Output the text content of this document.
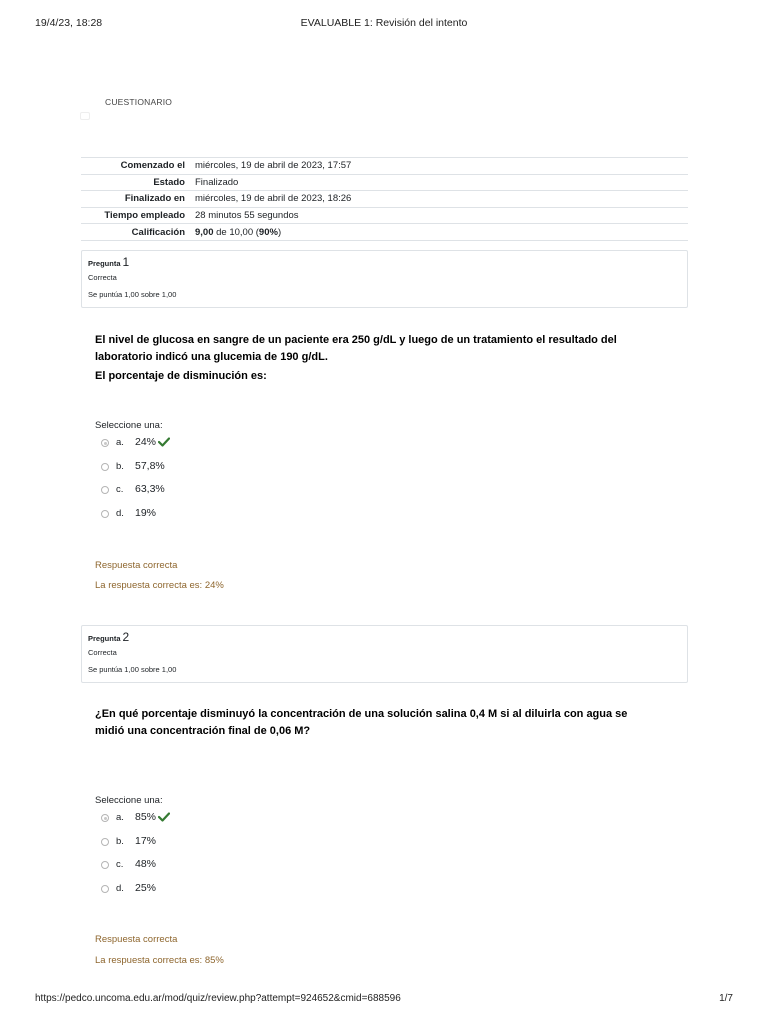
19/4/23, 18:28	EVALUABLE 1: Revisión del intento
CUESTIONARIO
Comenzado el	miércoles, 19 de abril de 2023, 17:57
Estado	Finalizado
Finalizado en	miércoles, 19 de abril de 2023, 18:26
Tiempo empleado	28 minutos 55 segundos
Calificación	9,00 de 10,00 (90%)
Pregunta 1
Correcta
Se puntúa 1,00 sobre 1,00

El nivel de glucosa en sangre de un paciente era 250 g/dL y luego de un tratamiento el resultado del laboratorio indicó una glucemia de 190 g/dL.

El porcentaje de disminución es:

Seleccione una:
a. 24%
b. 57,8%
c. 63,3%
d. 19%
Respuesta correcta
La respuesta correcta es: 24%
Pregunta 2
Correcta
Se puntúa 1,00 sobre 1,00

¿En qué porcentaje disminuyó la concentración de una solución salina 0,4 M si al diluirla con agua se midió una concentración final de 0,06 M?

Seleccione una:
a. 85%
b. 17%
c. 48%
d. 25%
Respuesta correcta
La respuesta correcta es: 85%
https://pedco.uncoma.edu.ar/mod/quiz/review.php?attempt=924652&cmid=688596	1/7
